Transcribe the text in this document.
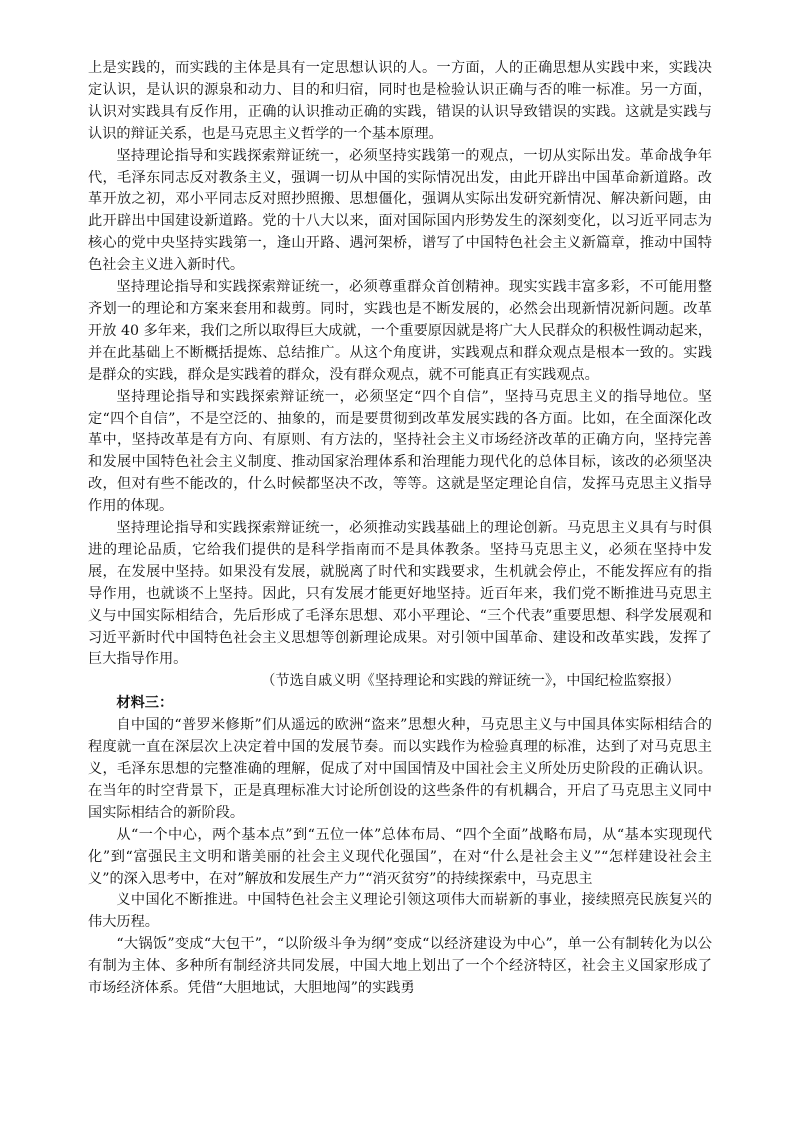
上是实践的，而实践的主体是具有一定思想认识的人。一方面，人的正确思想从实践中来，实践决定认识，是认识的源泉和动力、目的和归宿，同时也是检验认识正确与否的唯一标准。另一方面，认识对实践具有反作用，正确的认识推动正确的实践，错误的认识导致错误的实践。这就是实践与认识的辩证关系，也是马克思主义哲学的一个基本原理。

坚持理论指导和实践探索辩证统一，必须坚持实践第一的观点，一切从实际出发。革命战争年代，毛泽东同志反对教条主义，强调一切从中国的实际情况出发，由此开辟出中国革命新道路。改革开放之初，邓小平同志反对照抄照搬、思想僵化，强调从实际出发研究新情况、解决新问题，由此开辟出中国建设新道路。党的十八大以来，面对国际国内形势发生的深刻变化，以习近平同志为核心的党中央坚持实践第一，逢山开路、遇河架桥，谱写了中国特色社会主义新篇章，推动中国特色社会主义进入新时代。

坚持理论指导和实践探索辩证统一，必须尊重群众首创精神。现实实践丰富多彩，不可能用整齐划一的理论和方案来套用和裁剪。同时，实践也是不断发展的，必然会出现新情况新问题。改革开放 40 多年来，我们之所以取得巨大成就，一个重要原因就是将广大人民群众的积极性调动起来，并在此基础上不断概括提炼、总结推广。从这个角度讲，实践观点和群众观点是根本一致的。实践是群众的实践，群众是实践着的群众，没有群众观点，就不可能真正有实践观点。

坚持理论指导和实践探索辩证统一，必须坚定“四个自信”，坚持马克思主义的指导地位。坚定“四个自信”，不是空泛的、抽象的，而是要贯彻到改革发展实践的各方面。比如，在全面深化改革中，坚持改革是有方向、有原则、有方法的，坚持社会主义市场经济改革的正确方向，坚持完善和发展中国特色社会主义制度、推动国家治理体系和治理能力现代化的总体目标，该改的必须坚决改，但对有些不能改的，什么时候都坚决不改，等等。这就是坚定理论自信，发挥马克思主义指导作用的体现。

坚持理论指导和实践探索辩证统一，必须推动实践基础上的理论创新。马克思主义具有与时俱进的理论品质，它给我们提供的是科学指南而不是具体教条。坚持马克思主义，必须在坚持中发展，在发展中坚持。如果没有发展，就脱离了时代和实践要求，生机就会停止，不能发挥应有的指导作用，也就谈不上坚持。因此，只有发展才能更好地坚持。近百年来，我们党不断推进马克思主义与中国实际相结合，先后形成了毛泽东思想、邓小平理论、“三个代表”重要思想、科学发展观和习近平新时代中国特色社会主义思想等创新理论成果。对引领中国革命、建设和改革实践，发挥了巨大指导作用。

（节选自戚义明《坚持理论和实践的辩证统一》，中国纪检监察报）

材料三：

自中国的“普罗米修斯”们从遥远的欧洲“盗来”思想火种，马克思主义与中国具体实际相结合的程度就一直在深层次上决定着中国的发展节奏。而以实践作为检验真理的标准，达到了对马克思主义，毛泽东思想的完整准确的理解，促成了对中国国情及中国社会主义所处历史阶段的正确认识。在当年的时空背景下，正是真理标准大讨论所创设的这些条件的有机耦合，开启了马克思主义同中国实际相结合的新阶段。

从“一个中心，两个基本点”到“五位一体”总体布局、“四个全面”战略布局，从“基本实现现代化”到“富强民主文明和谐美丽的社会主义现代化强国”，在对“什么是社会主义”“怎样建设社会主义”的深入思考中，在对”解放和发展生产力”“消灭贫穷”的持续探索中，马克思主

义中国化不断推进。中国特色社会主义理论引领这项伟大而崭新的事业，接续照亮民族复兴的伟大历程。

“大锅饭”变成“大包干”，“以阶级斗争为纲”变成“以经济建设为中心”，单一公有制转化为以公有制为主体、多种所有制经济共同发展，中国大地上划出了一个个经济特区，社会主义国家形成了市场经济体系。凭借“大胆地试，大胆地闯”的实践勇
